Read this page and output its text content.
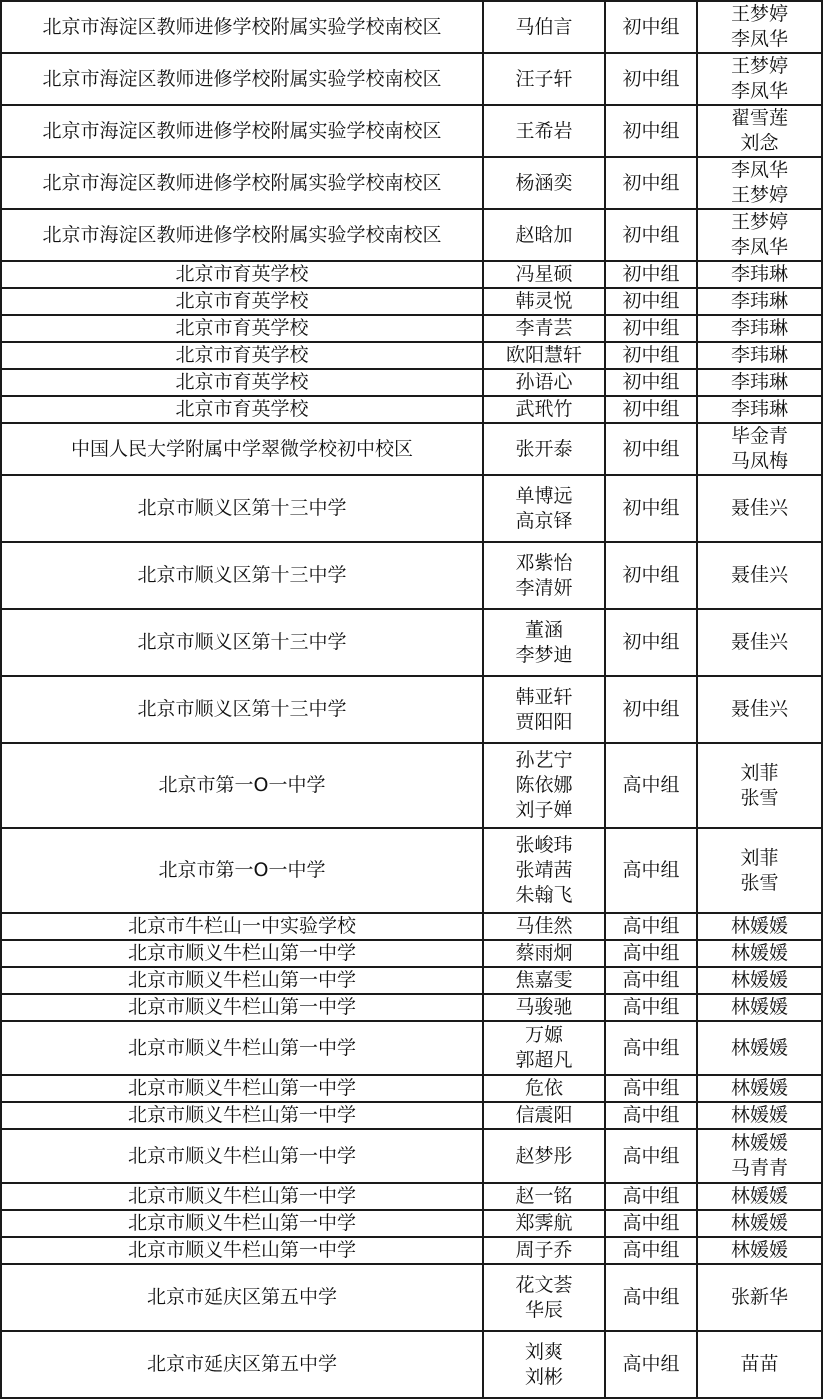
北京市海淀区教师进修学校附属实验学校南校区	马伯言	初中组	王梦婷
李凤华	

北京市海淀区教师进修学校附属实验学校南校区	汪子轩	初中组	王梦婷
李凤华	

北京市海淀区教师进修学校附属实验学校南校区	王希岩	初中组	翟雪莲
刘念	

北京市海淀区教师进修学校附属实验学校南校区	杨涵奕	初中组	李凤华
王梦婷	

北京市海淀区教师进修学校附属实验学校南校区	赵晗加	初中组	王梦婷
李凤华	

北京市育英学校	冯星硕	初中组	李玮琳	

北京市育英学校	韩灵悦	初中组	李玮琳	

北京市育英学校	李青芸	初中组	李玮琳	

北京市育英学校	欧阳慧轩	初中组	李玮琳	

北京市育英学校	孙语心	初中组	李玮琳	

北京市育英学校	武玳竹	初中组	李玮琳	

中国人民大学附属中学翠微学校初中校区	张开泰	初中组	毕金青
马凤梅	

北京市顺义区第十三中学	单博远
高京铎	初中组	聂佳兴	

北京市顺义区第十三中学	邓紫怡
李清妍	初中组	聂佳兴	

北京市顺义区第十三中学	董涵
李梦迪	初中组	聂佳兴	

北京市顺义区第十三中学	韩亚轩
贾阳阳	初中组	聂佳兴	

北京市第一O一中学	孙艺宁
陈依娜
刘子婵	高中组	刘菲
张雪	

北京市第一O一中学	张峻玮
张靖茜
朱翰飞	高中组	刘菲
张雪	

北京市牛栏山一中实验学校	马佳然	高中组	林媛媛	

北京市顺义牛栏山第一中学	蔡雨炯	高中组	林媛媛	

北京市顺义牛栏山第一中学	焦嘉雯	高中组	林媛媛	

北京市顺义牛栏山第一中学	马骏驰	高中组	林媛媛	

北京市顺义牛栏山第一中学	万嫄
郭超凡	高中组	林媛媛	

北京市顺义牛栏山第一中学	危依	高中组	林媛媛	

北京市顺义牛栏山第一中学	信震阳	高中组	林媛媛	

北京市顺义牛栏山第一中学	赵梦彤	高中组	林媛媛
马青青	

北京市顺义牛栏山第一中学	赵一铭	高中组	林媛媛	

北京市顺义牛栏山第一中学	郑霁航	高中组	林媛媛	

北京市顺义牛栏山第一中学	周子乔	高中组	林媛媛	

北京市延庆区第五中学	花文荟
华辰	高中组	张新华	

北京市延庆区第五中学	刘爽
刘彬	高中组	苗苗	
